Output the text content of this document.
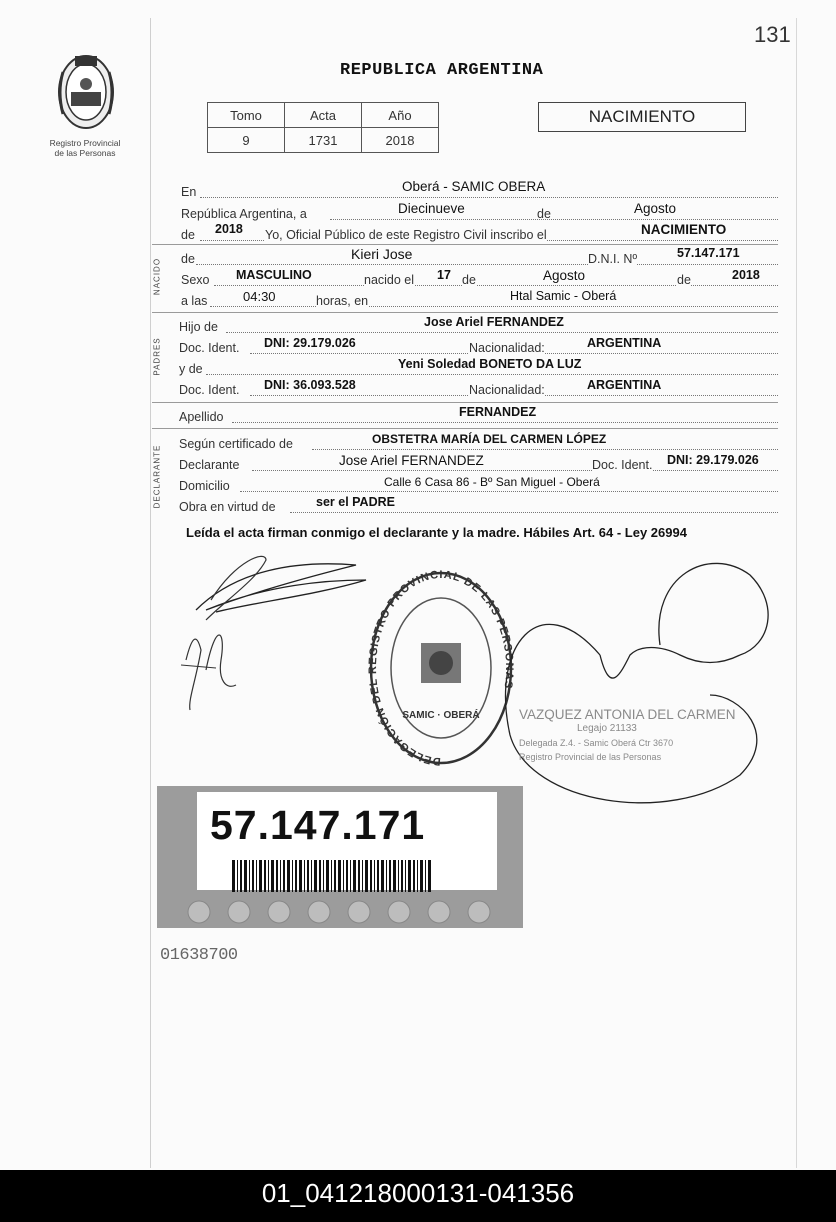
131
Registro Provincial
de las Personas
REPUBLICA ARGENTINA
Tomo	Acta	Año
9	1731	2018
NACIMIENTO
En	Oberá - SAMIC OBERA
República Argentina, a	Diecinueve	de	Agosto
de 2018 Yo, Oficial Público de este Registro Civil inscribo el	NACIMIENTO
NACIDO de	Kieri Jose	D.N.I. Nº	57.147.171
Sexo MASCULINO	nacido el 17 de	Agosto	de	2018
a las	04:30	horas, en	Htal Samic - Oberá
PADRES
Hijo de	Jose Ariel FERNANDEZ
Doc. Ident. DNI: 29.179.026	Nacionalidad:	ARGENTINA
y de	Yeni Soledad BONETO DA LUZ
Doc. Ident. DNI: 36.093.528	Nacionalidad:	ARGENTINA
Apellido	FERNANDEZ
DECLARANTE
Según certificado de	OBSTETRA MARÍA DEL CARMEN LÓPEZ
Declarante	Jose Ariel FERNANDEZ	Doc. Ident. DNI: 29.179.026
Domicilio	Calle 6 Casa 86 - Bº San Miguel - Oberá
Obra en virtud de	ser el PADRE
Leída el acta firman conmigo el declarante y la madre. Hábiles Art. 64 - Ley 26994
DELEGACIÓN DEL REGISTRO PROVINCIAL DE LAS PERSONAS
SAMIC · OBERÁ	VAZQUEZ ANTONIA DEL CARMEN
Legajo 21133
Delegada Z.4. - Samic Oberá Ctr 3670
Registro Provincial de las Personas
57.147.171
01638700
01_041218000131-041356
